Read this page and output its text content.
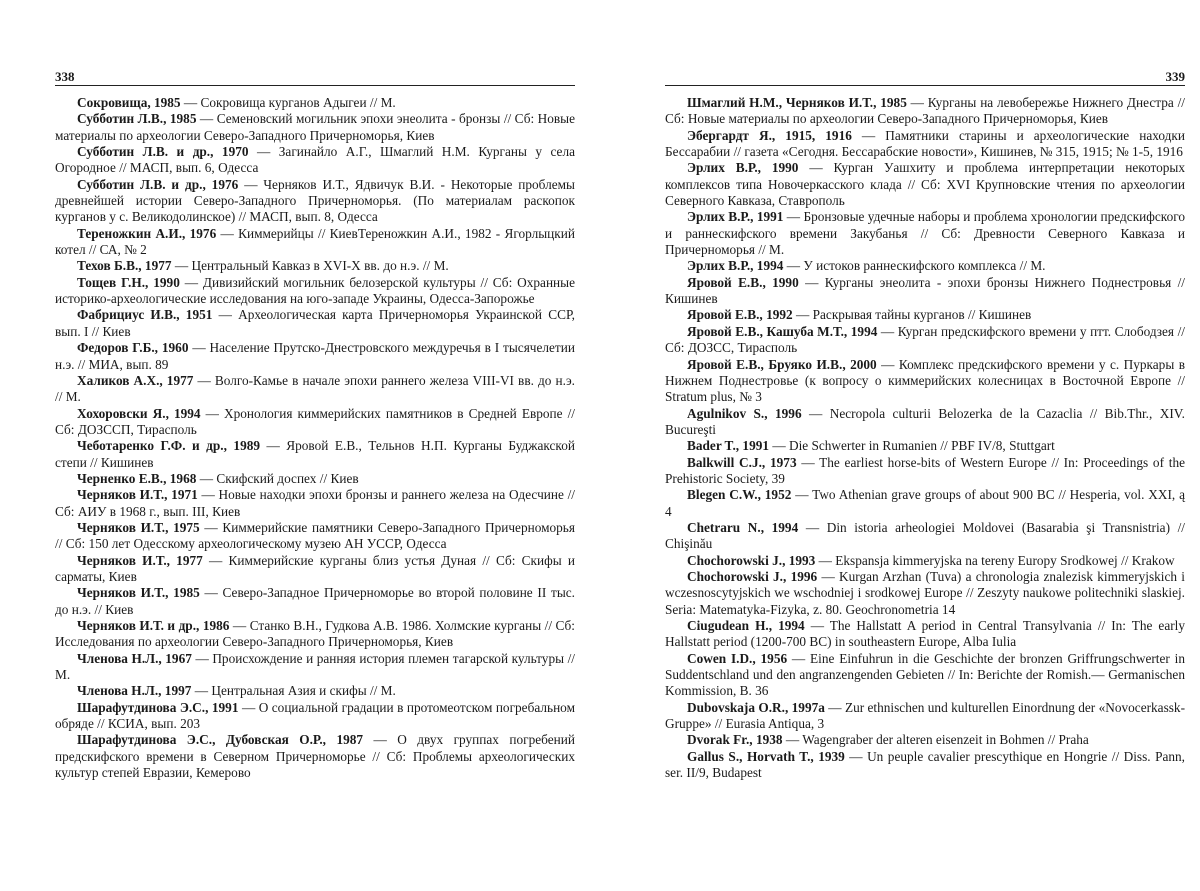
338

Сокровища, 1985 — Сокровища курганов Адыгеи // М.

Субботин Л.В., 1985 — Семеновский могильник эпохи энеолита - бронзы // Сб: Новые материалы по археологии Северо-Западного Причерноморья, Киев

Субботин Л.В. и др., 1970 — Загинайло А.Г., Шмаглий Н.М. Курганы у села Огородное // МАСП, вып. 6, Одесса

Субботин Л.В. и др., 1976 — Черняков И.Т., Ядвичук В.И. - Некоторые проблемы древнейшей истории Северо-Западного Причерноморья. (По материалам раскопок курганов у с. Великодолинское) // МАСП, вып. 8, Одесса

Тереножкин А.И., 1976 — Киммерийцы // КиевТереножкин А.И., 1982 - Ягорлыцкий котел // СА, № 2

Техов Б.В., 1977 — Центральный Кавказ в XVI-X вв. до н.э. // М.

Тощев Г.Н., 1990 — Дивизийский могильник белозерской культуры // Сб: Охранные историко-археологические исследования на юго-западе Украины, Одесса-Запорожье

Фабрициус И.В., 1951 — Археологическая карта Причерноморья Украинской ССР, вып. I // Киев

Федоров Г.Б., 1960 — Население Прутско-Днестровского междуречья в I тысячелетии н.э. // МИА, вып. 89

Халиков А.Х., 1977 — Волго-Камье в начале эпохи раннего железа VIII-VI вв. до н.э. // М.

Хохоровски Я., 1994 — Хронология киммерийских памятников в Средней Европе // Сб: ДОЗССП, Тирасполь

Чеботаренко Г.Ф. и др., 1989 — Яровой Е.В., Тельнов Н.П. Курганы Буджакской степи // Кишинев

Черненко Е.В., 1968 — Скифский доспех // Киев

Черняков И.Т., 1971 — Новые находки эпохи бронзы и раннего железа на Одесчине // Сб: АИУ в 1968 г., вып. III, Киев

Черняков И.Т., 1975 — Киммерийские памятники Северо-Западного Причерноморья // Сб: 150 лет Одесскому археологическому музею АН УССР, Одесса

Черняков И.Т., 1977 — Киммерийские курганы близ устья Дуная // Сб: Скифы и сарматы, Киев

Черняков И.Т., 1985 — Северо-Западное Причерноморье во второй половине II тыс. до н.э. // Киев

Черняков И.Т. и др., 1986 — Станко В.Н., Гудкова А.В. 1986. Холмские курганы // Сб: Исследования по археологии Северо-Западного Причерноморья, Киев

Членова Н.Л., 1967 — Происхождение и ранняя история племен тагарской культуры // М.

Членова Н.Л., 1997 — Центральная Азия и скифы // М.

Шарафутдинова Э.С., 1991 — О социальной градации в протомеотском погребальном обряде // КСИА, вып. 203

Шарафутдинова Э.С., Дубовская О.Р., 1987 — О двух группах погребений предскифского времени в Северном Причерноморье // Сб: Проблемы археологических культур степей Евразии, Кемерово

339

Шмаглий Н.М., Черняков И.Т., 1985 — Курганы на левобережье Нижнего Днестра // Сб: Новые материалы по археологии Северо-Западного Причерноморья, Киев

Эбергардт Я., 1915, 1916 — Памятники старины и археологические находки Бессарабии // газета «Сегодня. Бессарабские новости», Кишинев, № 315, 1915; № 1-5, 1916

Эрлих В.Р., 1990 — Курган Уашхиту и проблема интерпретации некоторых комплексов типа Новочеркасского клада // Сб: XVI Крупновские чтения по археологии Северного Кавказа, Ставрополь

Эрлих В.Р., 1991 — Бронзовые удечные наборы и проблема хронологии предскифского и раннескифского времени Закубанья // Сб: Древности Северного Кавказа и Причерноморья // М.

Эрлих В.Р., 1994 — У истоков раннескифского комплекса // М.

Яровой Е.В., 1990 — Курганы энеолита - эпохи бронзы Нижнего Поднестровья // Кишинев

Яровой Е.В., 1992 — Раскрывая тайны курганов // Кишинев

Яровой Е.В., Кашуба М.Т., 1994 — Курган предскифского времени у птт. Слободзея // Сб: ДОЗСС, Тирасполь

Яровой Е.В., Бруяко И.В., 2000 — Комплекс предскифского времени у с. Пуркары в Нижнем Поднестровье (к вопросу о киммерийских колесницах в Восточной Европе // Stratum plus, № 3

Agulnikov S., 1996 — Necropola culturii Belozerka de la Cazaclia // Bib.Thr., XIV. Bucureşti

Bader T., 1991 — Die Schwerter in Rumanien // PBF IV/8, Stuttgart

Balkwill C.J., 1973 — The earliest horse-bits of Western Europe // In: Proceedings of the Prehistoric Society, 39

Blegen C.W., 1952 — Two Athenian grave groups of about 900 BC // Hesperia, vol. XXI, ą 4

Chetraru N., 1994 — Din istoria arheologiei Moldovei (Basarabia şi Transnistria) // Chişinău

Chochorowski J., 1993 — Ekspansja kimmeryjska na tereny Europy Srodkowej // Krakow

Chochorowski J., 1996 — Kurgan Arzhan (Tuva) a chronologia znalezisk kimmeryjskich i wczesnoscytyjskich we wschodniej i srodkowej Europe // Zeszyty naukowe politechniki slaskiej. Seria: Matematyka-Fizyka, z. 80. Geochronometria 14

Ciugudean H., 1994 — The Hallstatt A period in Central Transylvania // In: The early Hallstatt period (1200-700 BC) in southeastern Europe, Alba Iulia

Cowen I.D., 1956 — Eine Einfuhrun in die Geschichte der bronzen Griffrungschwerter in Suddentschland und den angranzengenden Gebieten // In: Berichte der Romish.— Germanischen Kommission, B. 36

Dubovskaja O.R., 1997a — Zur ethnischen und kulturellen Einordnung der «Novocerkassk-Gruppe» // Eurasia Antiqua, 3

Dvorak Fr., 1938 — Wagengraber der alteren eisenzeit in Bohmen // Praha

Gallus S., Horvath T., 1939 — Un peuple cavalier prescythique en Hongrie // Diss. Pann, ser. II/9, Budapest
